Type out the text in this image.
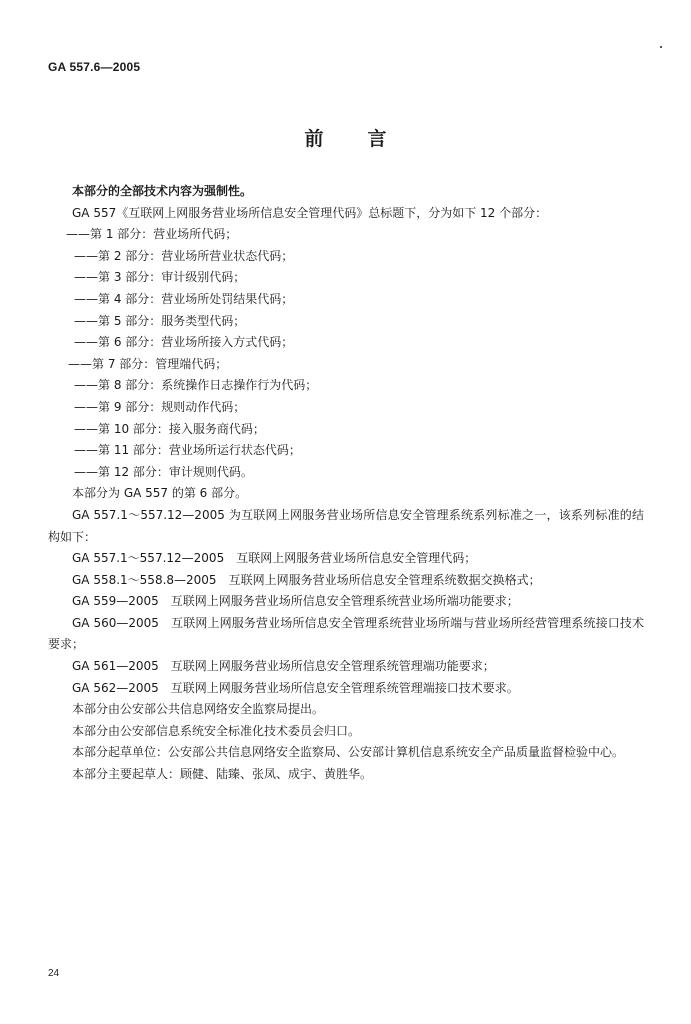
GA 557.6—2005
前 言
本部分的全部技术内容为强制性。
GA 557《互联网上网服务营业场所信息安全管理代码》总标题下，分为如下 12 个部分：
——第 1 部分：营业场所代码；
——第 2 部分：营业场所营业状态代码；
——第 3 部分：审计级别代码；
——第 4 部分：营业场所处罚结果代码；
——第 5 部分：服务类型代码；
——第 6 部分：营业场所接入方式代码；
——第 7 部分：管理端代码；
——第 8 部分：系统操作日志操作行为代码；
——第 9 部分：规则动作代码；
——第 10 部分：接入服务商代码；
——第 11 部分：营业场所运行状态代码；
——第 12 部分：审计规则代码。
本部分为 GA 557 的第 6 部分。
GA 557.1～557.12—2005 为互联网上网服务营业场所信息安全管理系统系列标准之一，该系列标准的结构如下：
GA 557.1～557.12—2005　互联网上网服务营业场所信息安全管理代码；
GA 558.1～558.8—2005　互联网上网服务营业场所信息安全管理系统数据交换格式；
GA 559—2005　互联网上网服务营业场所信息安全管理系统营业场所端功能要求；
GA 560—2005　互联网上网服务营业场所信息安全管理系统营业场所端与营业场所经营管理系统接口技术要求；
GA 561—2005　互联网上网服务营业场所信息安全管理系统管理端功能要求；
GA 562—2005　互联网上网服务营业场所信息安全管理系统管理端接口技术要求。
本部分由公安部公共信息网络安全监察局提出。
本部分由公安部信息系统安全标准化技术委员会归口。
本部分起草单位：公安部公共信息网络安全监察局、公安部计算机信息系统安全产品质量监督检验中心。
本部分主要起草人：顾健、陆臻、张凤、成宇、黄胜华。
24
